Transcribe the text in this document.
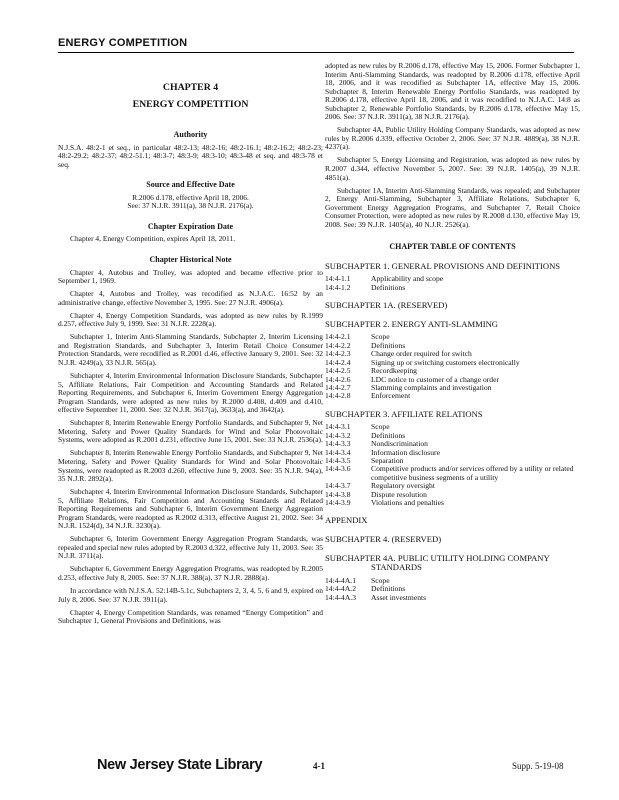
ENERGY COMPETITION
CHAPTER 4
ENERGY COMPETITION
Authority

N.J.S.A. 48:2-1 et seq., in particular 48:2-13; 48:2-16; 48:2-16.1; 48:2-16.2; 48:2-23; 48:2-29.2; 48:2-37; 48:2-51.1; 48:3-7; 48:3-9; 48:3-10; 48:3-48 et seq. and 48:3-78 et seq.

Source and Effective Date

R.2006 d.178, effective April 18, 2006.

See: 37 N.J.R. 3911(a), 38 N.J.R. 2176(a).

Chapter Expiration Date

Chapter 4, Energy Competition, expires April 18, 2011.

Chapter Historical Note

Chapter 4, Autobus and Trolley, was adopted and became effective prior to September 1, 1969.

Chapter 4, Autobus and Trolley, was recodified as N.J.A.C. 16:52 by an administrative change, effective November 3, 1995. See: 27 N.J.R. 4906(a).

Chapter 4, Energy Competition Standards, was adopted as new rules by R.1999 d.257, effective July 9, 1999. See: 31 N.J.R. 2228(a).

Subchapter 1, Interim Anti-Slamming Standards, Subchapter 2, Interim Licensing and Registration Standards, and Subchapter 3, Interim Retail Choice Consumer Protection Standards, were recodified as R.2001 d.46, effective January 9, 2001. See: 32 N.J.R. 4249(a), 33 N.J.R. 565(a).

Subchapter 4, Interim Environmental Information Disclosure Standards, Subchapter 5, Affiliate Relations, Fair Competition and Accounting Standards and Related Reporting Requirements, and Subchapter 6, Interim Government Energy Aggregation Program Standards, were adopted as new rules by R.2000 d.408, d.409 and d.410, effective September 11, 2000. See: 32 N.J.R. 3617(a), 3633(a), and 3642(a).

Subchapter 8, Interim Renewable Energy Portfolio Standards, and Subchapter 9, Net Metering, Safety and Power Quality Standards for Wind and Solar Photovoltaic Systems, were adopted as R.2001 d.231, effective June 15, 2001. See: 33 N.J.R. 2536(a).

Subchapter 8, Interim Renewable Energy Portfolio Standards, and Subchapter 9, Net Metering, Safety and Power Quality Standards for Wind and Solar Photovoltaic Systems, were readopted as R.2003 d.260, effective June 9, 2003. See: 35 N.J.R. 94(a), 35 N.J.R. 2892(a).

Subchapter 4, Interim Environmental Information Disclosure Standards, Subchapter 5, Affiliate Relations, Fair Competition and Accounting Standards and Related Reporting Requirements and Subchapter 6, Interim Government Energy Aggregation Program Standards, were readopted as R.2002 d.313, effective August 21, 2002. See: 34 N.J.R. 1524(d), 34 N.J.R. 3230(a).

Subchapter 6, Interim Government Energy Aggregation Program Standards, was repealed and special new rules adopted by R.2003 d.322, effective July 11, 2003. See: 35 N.J.R. 3711(a).

Subchapter 6, Government Energy Aggregation Programs, was readopted by R.2005 d.253, effective July 8, 2005. See: 37 N.J.R. 388(a), 37 N.J.R. 2888(a).

In accordance with N.J.S.A. 52:14B-5.1c, Subchapters 2, 3, 4, 5, 6 and 9, expired on July 8, 2006. See: 37 N.J.R. 3911(a).

Chapter 4, Energy Competition Standards, was renamed “Energy Competition” and Subchapter 1, General Provisions and Definitions, was

adopted as new rules by R.2006 d.178, effective May 15, 2006. Former Subchapter 1, Interim Anti-Slamming Standards, was readopted by R.2006 d.178, effective April 18, 2006, and it was recodified as Subchapter 1A, effective May 15, 2006. Subchapter 8, Interim Renewable Energy Portfolio Standards, was readopted by R.2006 d.178, effective April 18, 2006, and it was recodified to N.J.A.C. 14:8 as Subchapter 2, Renewable Portfolio Standards, by R.2006 d.178, effective May 15, 2006. See: 37 N.J.R. 3911(a), 38 N.J.R. 2176(a).

Subchapter 4A, Public Utility Holding Company Standards, was adopted as new rules by R.2006 d.339, effective October 2, 2006. See: 37 N.J.R. 4889(a), 38 N.J.R. 4237(a).

Subchapter 5, Energy Licensing and Registration, was adopted as new rules by R.2007 d.344, effective November 5, 2007. See: 39 N.J.R. 1405(a), 39 N.J.R. 4851(a).

Subchapter 1A, Interim Anti-Slamming Standards, was repealed; and Subchapter 2, Energy Anti-Slamming, Subchapter 3, Affiliate Relations, Subchapter 6, Government Energy Aggregation Programs, and Subchapter 7, Retail Choice Consumer Protection, were adopted as new rules by R.2008 d.130, effective May 19, 2008. See: 39 N.J.R. 1405(a), 40 N.J.R. 2526(a).

CHAPTER TABLE OF CONTENTS
SUBCHAPTER 1. GENERAL PROVISIONS AND DEFINITIONS
14:4-1.1	Applicability and scope
14:4-1.2	Definitions
SUBCHAPTER 1A. (RESERVED)
SUBCHAPTER 2. ENERGY ANTI-SLAMMING
14:4-2.1	Scope
14:4-2.2	Definitions
14:4-2.3	Change order required for switch
14:4-2.4	Signing up or switching customers electronically
14:4-2.5	Recordkeeping
14:4-2.6	LDC notice to customer of a change order
14:4-2.7	Slamming complaints and investigation
14:4-2.8	Enforcement
SUBCHAPTER 3. AFFILIATE RELATIONS
14:4-3.1	Scope
14:4-3.2	Definitions
14:4-3.3	Nondiscrimination
14:4-3.4	Information disclosure
14:4-3.5	Separation
14:4-3.6	Competitive products and/or services offered by a utility or related competitive business segments of a utility
14:4-3.7	Regulatory oversight
14:4-3.8	Dispute resolution
14:4-3.9	Violations and penalties
APPENDIX
SUBCHAPTER 4. (RESERVED)
SUBCHAPTER 4A. PUBLIC UTILITY HOLDING COMPANY STANDARDS
14:4-4A.1	Scope
14:4-4A.2	Definitions
14:4-4A.3	Asset investments
New Jersey State Library	4-1	Supp. 5-19-08
